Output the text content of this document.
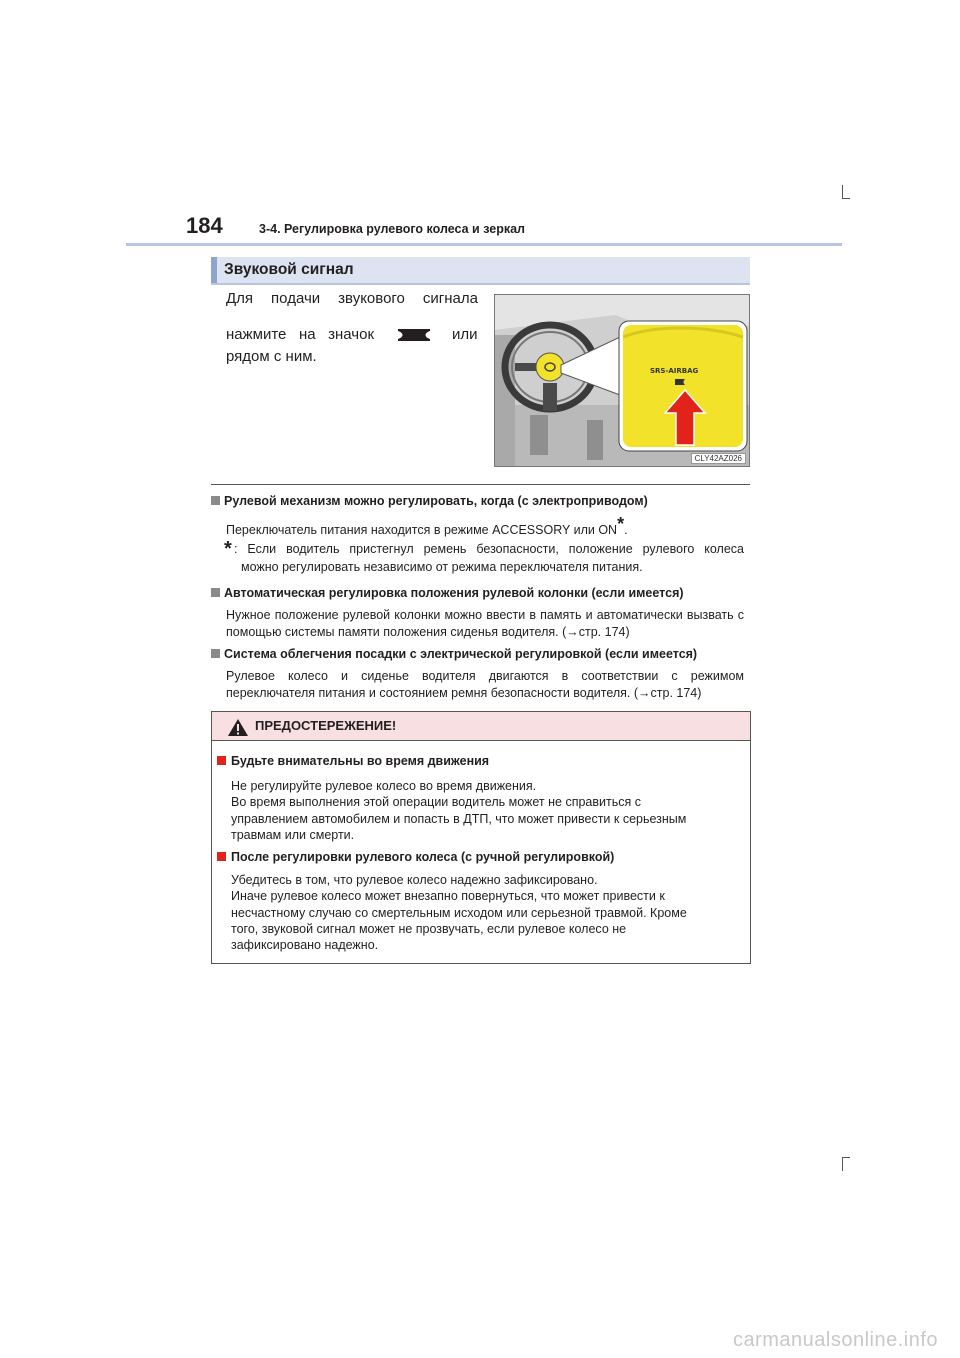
184	3-4. Регулировка рулевого колеса и зеркал
Звуковой сигнал
Для подачи звукового сигнала
нажмите на значок	или
рядом с ним.
SRS-AIRBAG
CLY42AZ026
Рулевой механизм можно регулировать, когда (с электроприводом)
Переключатель питания находится в режиме ACCESSORY или ON*.
* : Если водитель пристегнул ремень безопасности, положение рулевого колеса
можно регулировать независимо от режима переключателя питания.
Автоматическая регулировка положения рулевой колонки (если имеется)
Нужное положение рулевой колонки можно ввести в память и автоматически вызвать с помощью системы памяти положения сиденья водителя. (→стр. 174)
Система облегчения посадки с электрической регулировкой (если имеется)
Рулевое колесо и сиденье водителя двигаются в соответствии с режимом переключателя питания и состоянием ремня безопасности водителя. (→стр. 174)
ПРЕДОСТЕРЕЖЕНИЕ!
Будьте внимательны во время движения
Не регулируйте рулевое колесо во время движения.
Во время выполнения этой операции водитель может не справиться с
управлением автомобилем и попасть в ДТП, что может привести к серьезным
травмам или смерти.
После регулировки рулевого колеса (с ручной регулировкой)
Убедитесь в том, что рулевое колесо надежно зафиксировано.
Иначе рулевое колесо может внезапно повернуться, что может привести к
несчастному случаю со смертельным исходом или серьезной травмой. Кроме
того, звуковой сигнал может не прозвучать, если рулевое колесо не
зафиксировано надежно.
carmanualsonline.info
